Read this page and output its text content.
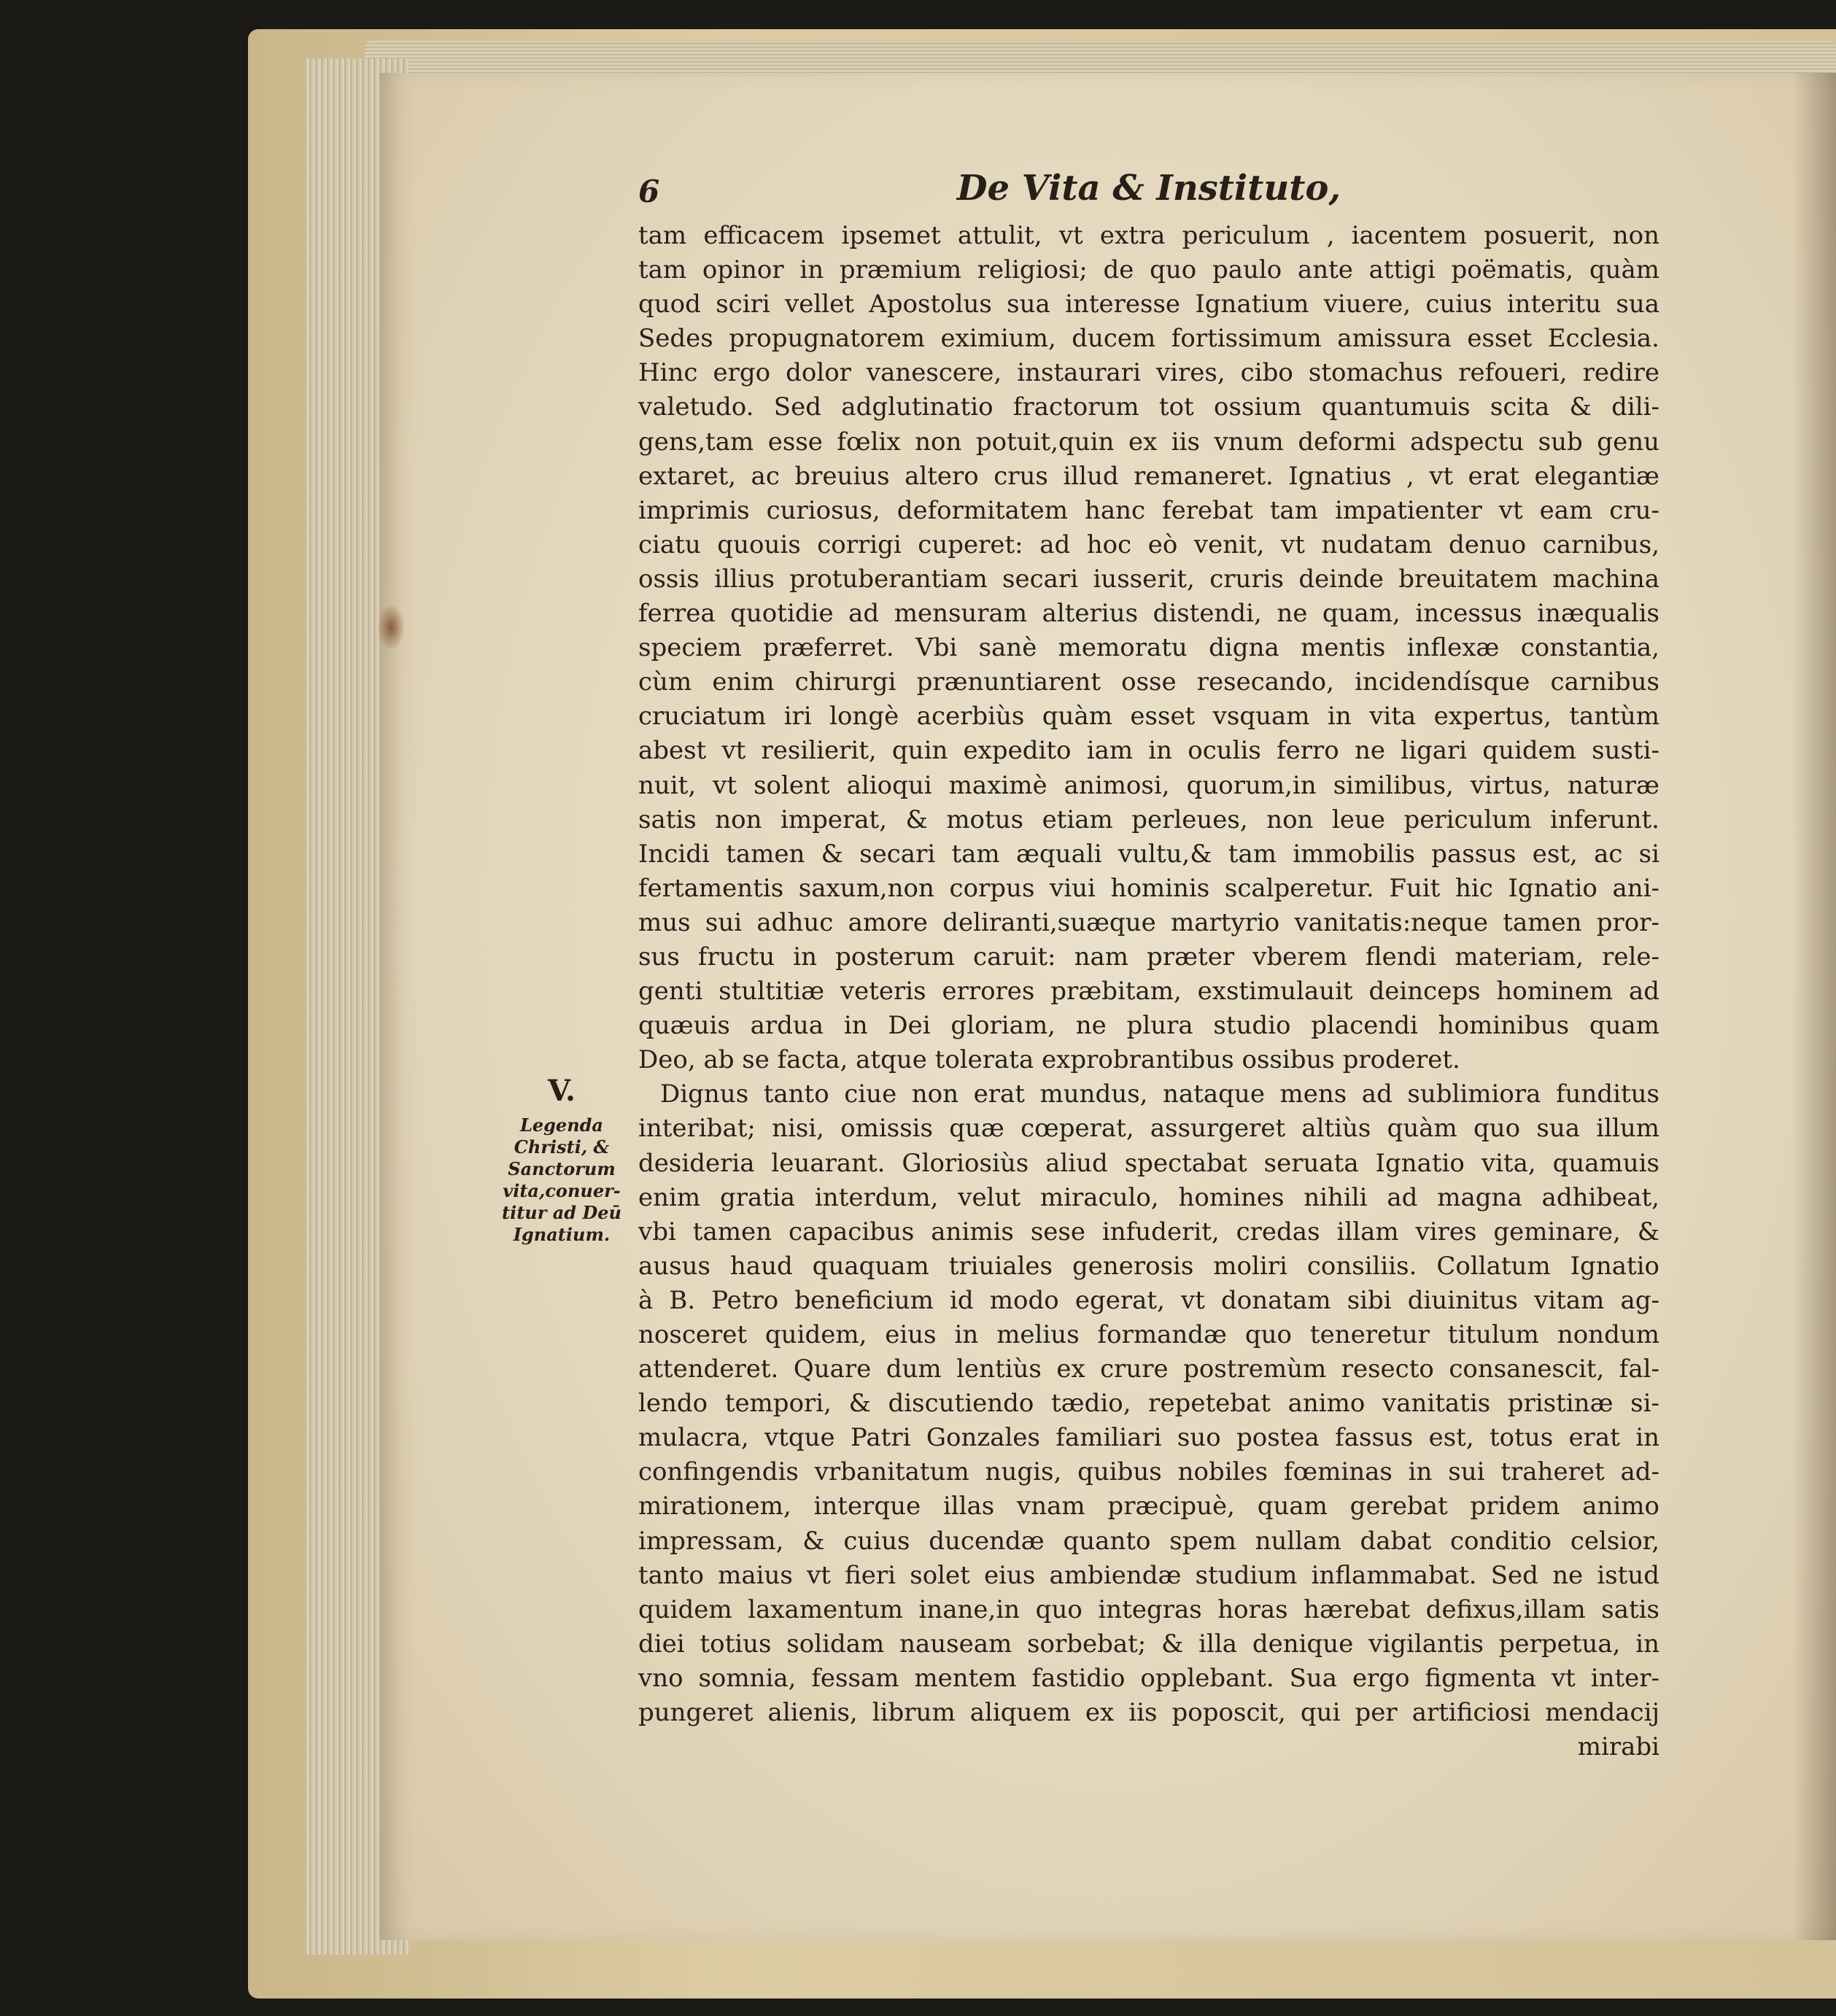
6	De Vita & Instituto,
tam efficacem ipsemet attulit, vt extra periculum , iacentem posuerit, non
tam opinor in præmium religiosi; de quo paulo ante attigi poëmatis, quàm
quod sciri vellet Apostolus sua interesse Ignatium viuere, cuius interitu sua
Sedes propugnatorem eximium, ducem fortissimum amissura esset Ecclesia.
Hinc ergo dolor vanescere, instaurari vires, cibo stomachus refoueri, redire
valetudo. Sed adglutinatio fractorum tot ossium quantumuis scita & dili-
gens,tam esse fœlix non potuit,quin ex iis vnum deformi adspectu sub genu
extaret, ac breuius altero crus illud remaneret. Ignatius , vt erat elegantiæ
imprimis curiosus, deformitatem hanc ferebat tam impatienter vt eam cru-
ciatu quouis corrigi cuperet: ad hoc eò venit, vt nudatam denuo carnibus,
ossis illius protuberantiam secari iusserit, cruris deinde breuitatem machina
ferrea quotidie ad mensuram alterius distendi, ne quam, incessus inæqualis
speciem præferret. Vbi sanè memoratu digna mentis inflexæ constantia,
cùm enim chirurgi prænuntiarent osse resecando, incidendísque carnibus
cruciatum iri longè acerbiùs quàm esset vsquam in vita expertus, tantùm
abest vt resilierit, quin expedito iam in oculis ferro ne ligari quidem susti-
nuit, vt solent alioqui maximè animosi, quorum,in similibus, virtus, naturæ
satis non imperat, & motus etiam perleues, non leue periculum inferunt.
Incidi tamen & secari tam æquali vultu,& tam immobilis passus est, ac si
fertamentis saxum,non corpus viui hominis scalperetur. Fuit hic Ignatio ani-
mus sui adhuc amore deliranti,suæque martyrio vanitatis:neque tamen pror-
sus fructu in posterum caruit: nam præter vberem flendi materiam, rele-
genti stultitiæ veteris errores præbitam, exstimulauit deinceps hominem ad
quæuis ardua in Dei gloriam, ne plura studio placendi hominibus quam
Deo, ab se facta, atque tolerata exprobrantibus ossibus proderet.
Dignus tanto ciue non erat mundus, nataque mens ad sublimiora funditus
interibat; nisi, omissis quæ cœperat, assurgeret altiùs quàm quo sua illum
desideria leuarant. Gloriosiùs aliud spectabat seruata Ignatio vita, quamuis
enim gratia interdum, velut miraculo, homines nihili ad magna adhibeat,
vbi tamen capacibus animis sese infuderit, credas illam vires geminare, &
ausus haud quaquam triuiales generosis moliri consiliis. Collatum Ignatio
à B. Petro beneficium id modo egerat, vt donatam sibi diuinitus vitam ag-
nosceret quidem, eius in melius formandæ quo teneretur titulum nondum
attenderet. Quare dum lentiùs ex crure postremùm resecto consanescit, fal-
lendo tempori, & discutiendo tædio, repetebat animo vanitatis pristinæ si-
mulacra, vtque Patri Gonzales familiari suo postea fassus est, totus erat in
confingendis vrbanitatum nugis, quibus nobiles fœminas in sui traheret ad-
mirationem, interque illas vnam præcipuè, quam gerebat pridem animo
impressam, & cuius ducendæ quanto spem nullam dabat conditio celsior,
tanto maius vt fieri solet eius ambiendæ studium inflammabat. Sed ne istud
quidem laxamentum inane,in quo integras horas hærebat defixus,illam satis
diei totius solidam nauseam sorbebat; & illa denique vigilantis perpetua, in
vno somnia, fessam mentem fastidio opplebant. Sua ergo figmenta vt inter-
pungeret alienis, librum aliquem ex iis poposcit, qui per artificiosi mendacij
mirabi
V.
Legenda
Christi, &
Sanctorum
vita,conuer-
titur ad Deū
Ignatium.
